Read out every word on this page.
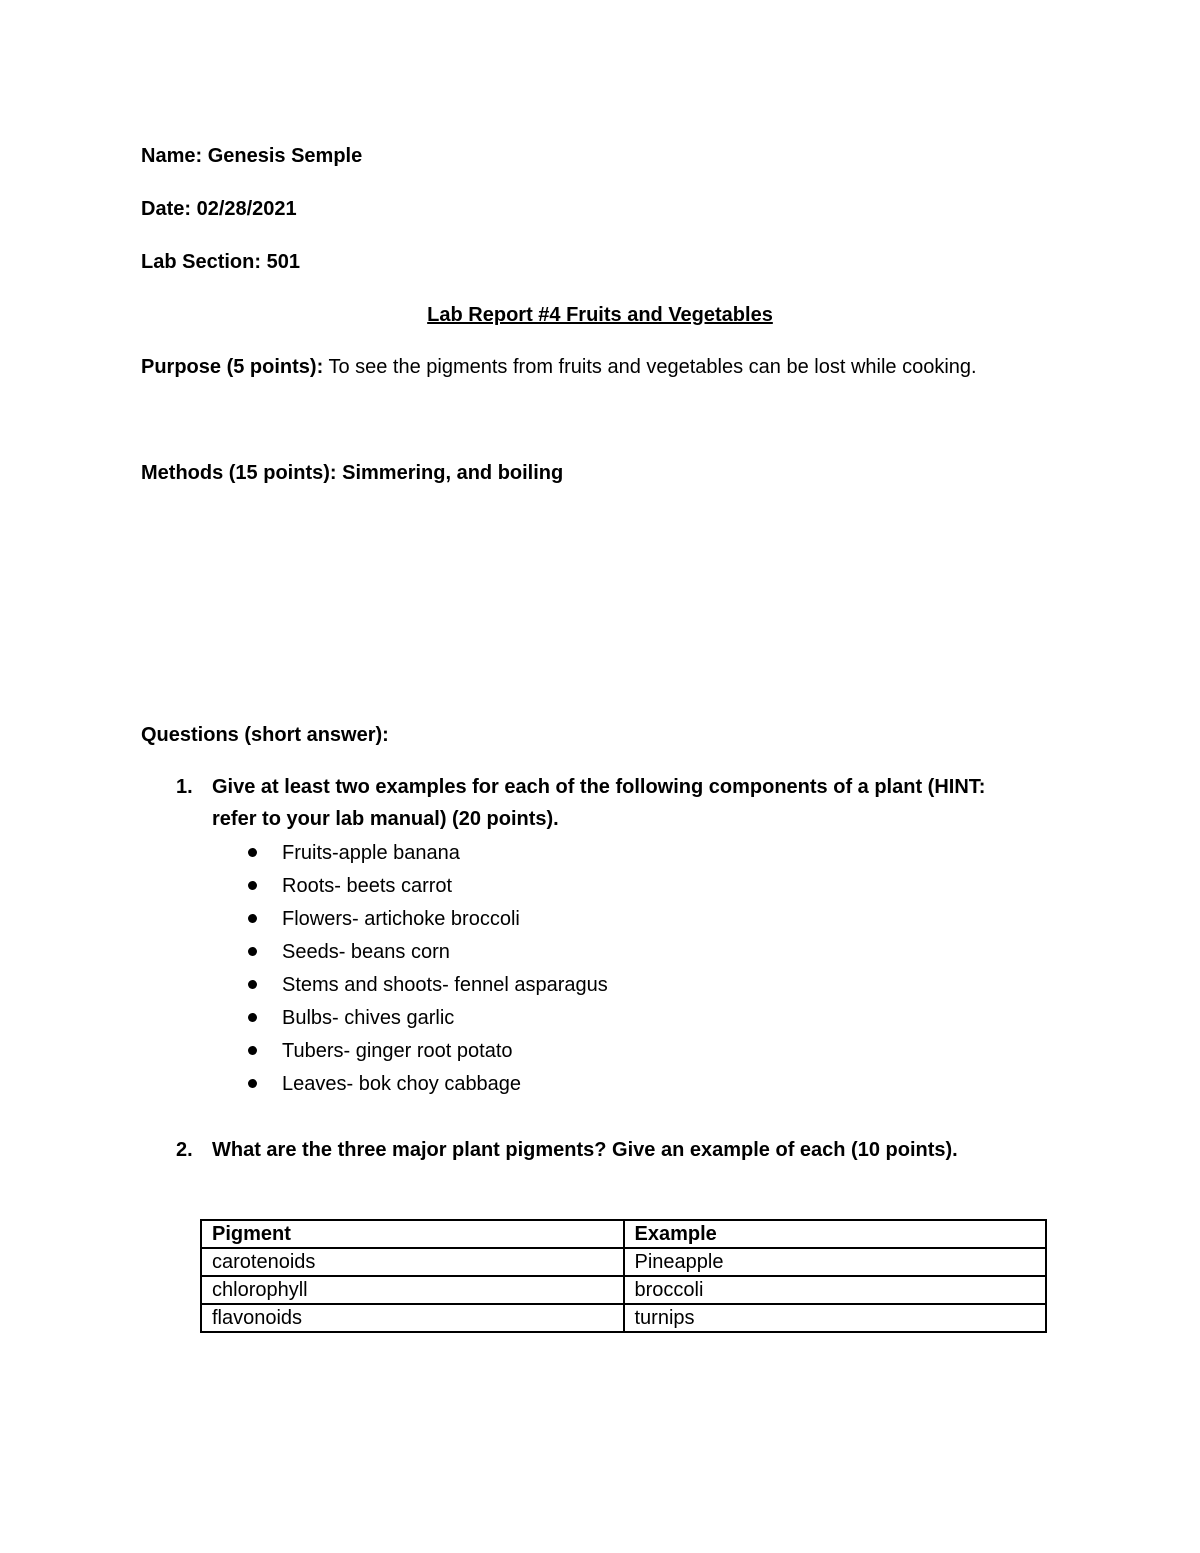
Name: Genesis Semple
Date: 02/28/2021
Lab Section: 501
Lab Report #4 Fruits and Vegetables
Purpose (5 points): To see the pigments from fruits and vegetables can be lost while cooking.
Methods (15 points): Simmering, and boiling
Questions (short answer):
1. Give at least two examples for each of the following components of a plant (HINT:
refer to your lab manual) (20 points).
Fruits-apple banana
Roots- beets carrot
Flowers- artichoke broccoli
Seeds- beans corn
Stems and shoots- fennel asparagus
Bulbs- chives garlic
Tubers- ginger root potato
Leaves- bok choy cabbage
2. What are the three major plant pigments? Give an example of each (10 points).
Pigment	Example
carotenoids	Pineapple
chlorophyll	broccoli
flavonoids	turnips
